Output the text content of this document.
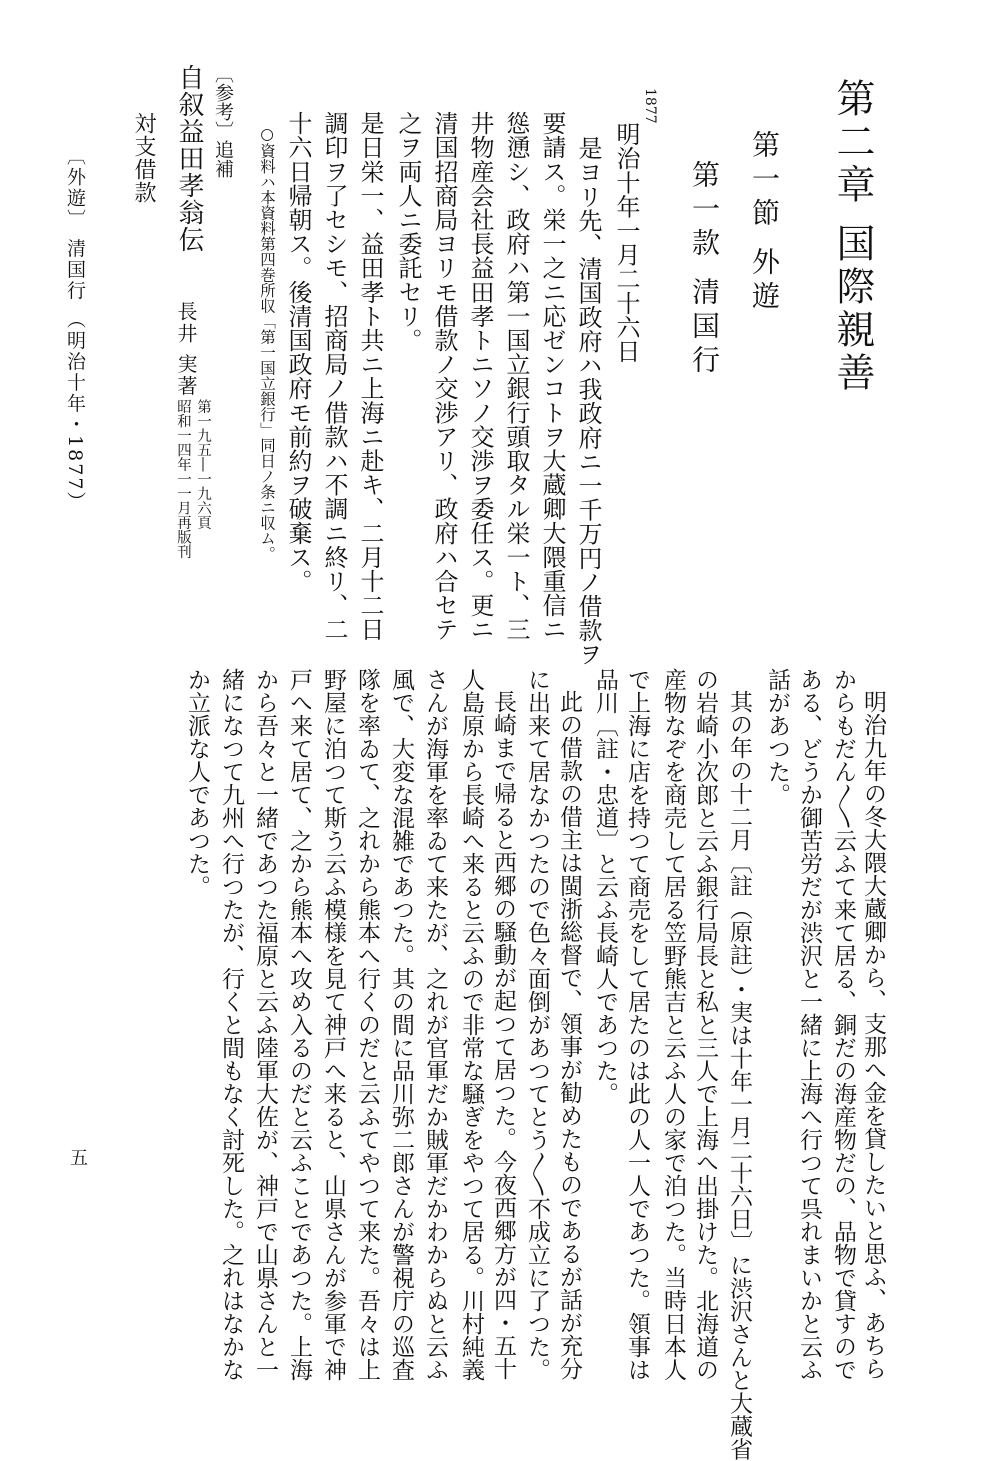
第二章 国際親善
第一節 外遊
第一款 清国行
1877
明治十年一月二十六日
是ヨリ先、清国政府ハ我政府ニ一千万円ノ借款ヲ
要請ス。栄一之ニ応ゼンコトヲ大蔵卿大隈重信ニ
慫慂シ、政府ハ第一国立銀行頭取タル栄一ト、三
井物産会社長益田孝トニソノ交渉ヲ委任ス。更ニ
清国招商局ヨリモ借款ノ交渉アリ、政府ハ合セテ
之ヲ両人ニ委託セリ。
是日栄一、益田孝ト共ニ上海ニ赴キ、二月十二日
調印ヲ了セシモ、招商局ノ借款ハ不調ニ終リ、二
十六日帰朝ス。後清国政府モ前約ヲ破棄ス。
○資料ハ本資料第四巻所収「第一国立銀行」同日ノ条ニ収ム。
〔参考〕追補
自叙益田孝翁伝
長井 実著
第一九五―一九六頁
昭和一四年一一月再版刊
対支借款
〔外遊〕 清国行 （明治十年・1877）
明治九年の冬大隈大蔵卿から、支那へ金を貸したいと思ふ、あちら
からもだん〳〵云ふて来て居る、銅だの海産物だの、品物で貸すので
ある、どうか御苦労だが渋沢と一緒に上海へ行つて呉れまいかと云ふ
話があつた。
其の年の十二月〔註（原註）・実は十年一月二十六日〕に渋沢さんと大蔵省
の岩崎小次郎と云ふ銀行局長と私と三人で上海へ出掛けた。北海道の
産物なぞを商売して居る笠野熊吉と云ふ人の家で泊つた。当時日本人
で上海に店を持つて商売をして居たのは此の人一人であつた。領事は
品川〔註・忠道〕と云ふ長崎人であつた。
此の借款の借主は閩浙総督で、領事が勧めたものであるが話が充分
に出来て居なかつたので色々面倒があつてとう〳〵不成立に了つた。
長崎まで帰ると西郷の騒動が起つて居つた。今夜西郷方が四・五十
人島原から長崎へ来ると云ふので非常な騒ぎをやつて居る。川村純義
さんが海軍を率ゐて来たが、之れが官軍だか賊軍だかわからぬと云ふ
風で、大変な混雑であつた。其の間に品川弥二郎さんが警視庁の巡査
隊を率ゐて、之れから熊本へ行くのだと云ふてやつて来た。吾々は上
野屋に泊つて斯う云ふ模様を見て神戸へ来ると、山県さんが参軍で神
戸へ来て居て、之から熊本へ攻め入るのだと云ふことであつた。上海
から吾々と一緒であつた福原と云ふ陸軍大佐が、神戸で山県さんと一
緒になつて九州へ行つたが、行くと間もなく討死した。之れはなかな
か立派な人であつた。
五
